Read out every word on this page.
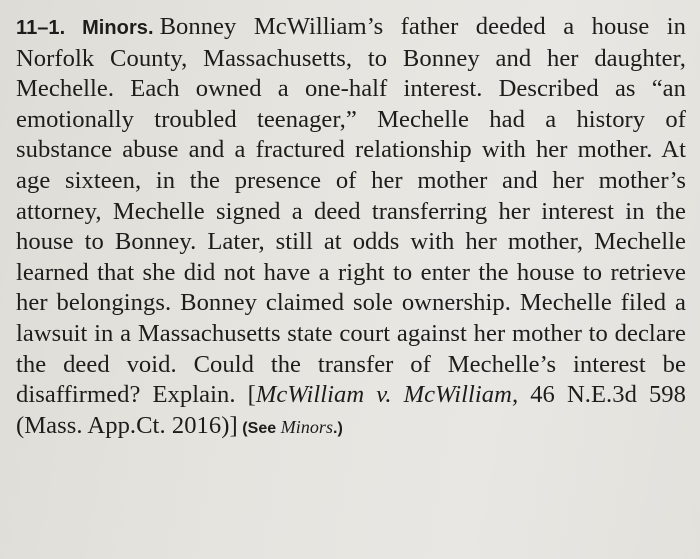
11–1. Minors. Bonney McWilliam’s father deeded a house in Norfolk County, Massachusetts, to Bonney and her daughter, Mechelle. Each owned a one-half interest. Described as “an emotionally troubled teenager,” Mechelle had a history of substance abuse and a fractured relationship with her mother. At age sixteen, in the presence of her mother and her mother’s attorney, Mechelle signed a deed transferring her interest in the house to Bonney. Later, still at odds with her mother, Mechelle learned that she did not have a right to enter the house to retrieve her belongings. Bonney claimed sole ownership. Mechelle filed a lawsuit in a Massachusetts state court against her mother to declare the deed void. Could the transfer of Mechelle’s interest be disaffirmed? Explain. [McWilliam v. McWilliam, 46 N.E.3d 598 (Mass. App.Ct. 2016)] (See Minors.)
